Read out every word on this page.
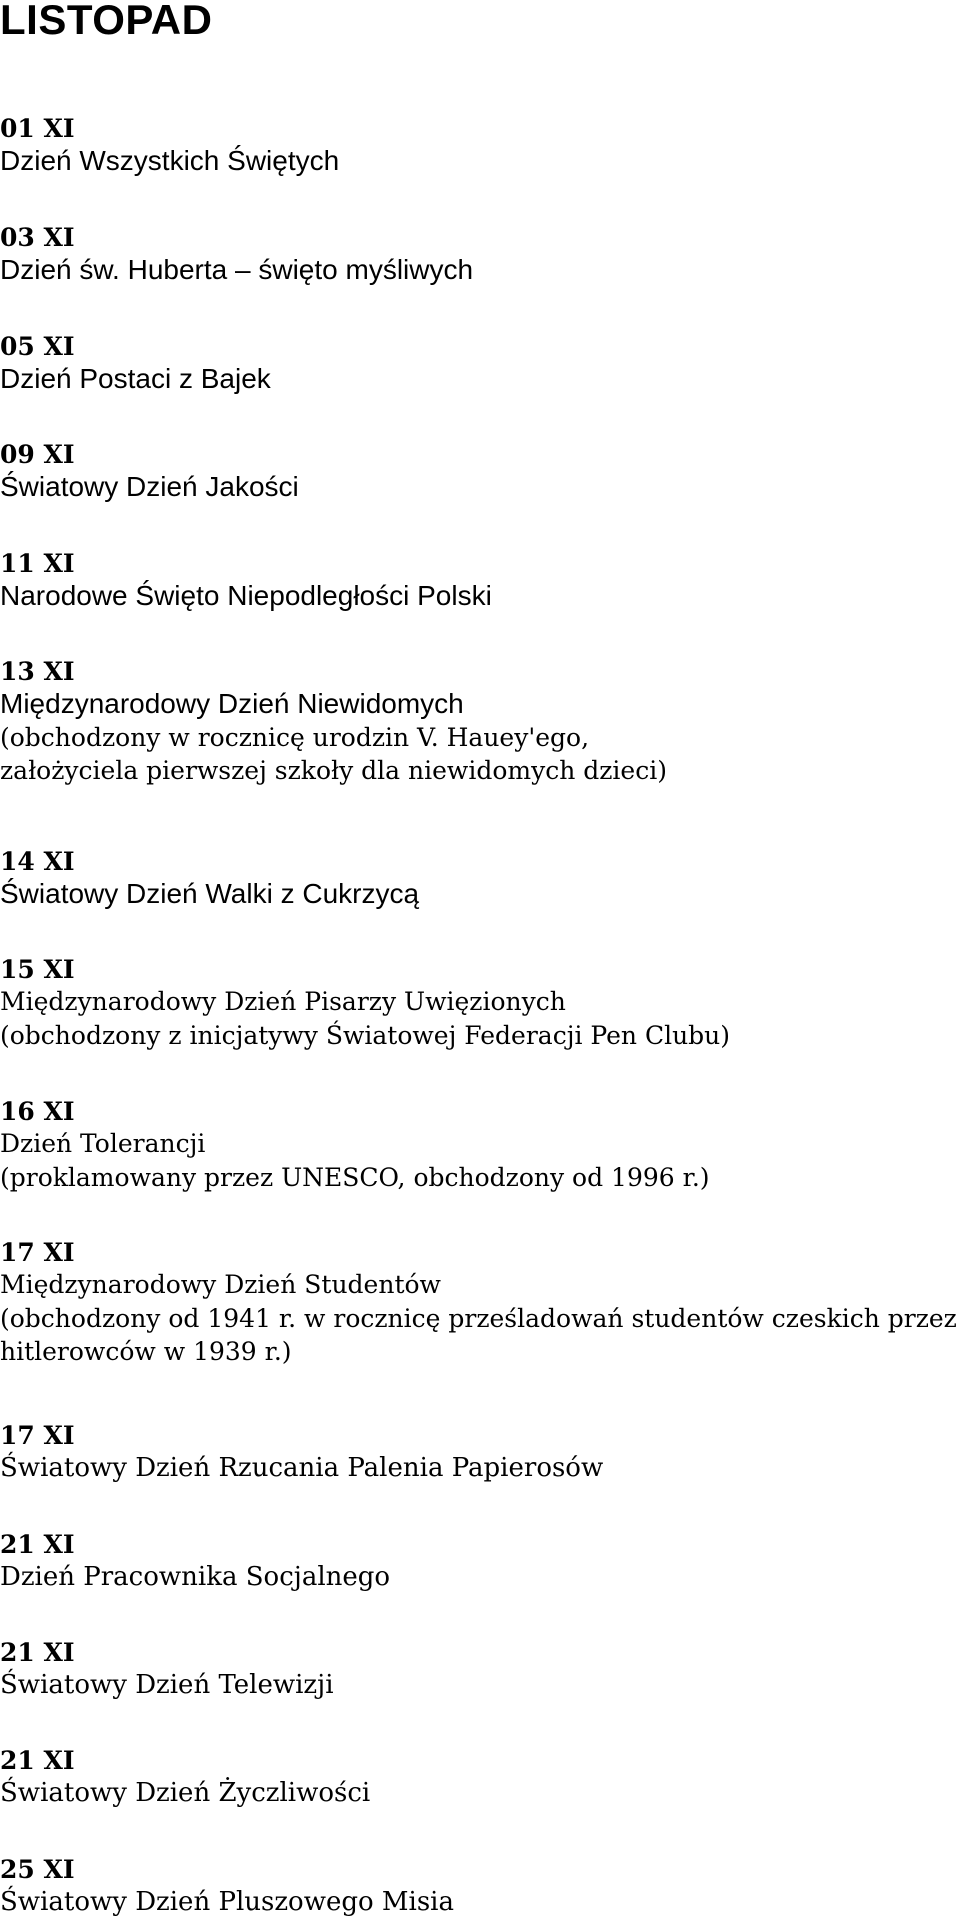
LISTOPAD
01 XI
Dzień Wszystkich Świętych
03 XI
Dzień św. Huberta – święto myśliwych
05 XI
Dzień Postaci z Bajek
09 XI
Światowy Dzień Jakości
11 XI
Narodowe Święto Niepodległości Polski
13 XI
Międzynarodowy Dzień Niewidomych
(obchodzony w rocznicę urodzin V. Hauey'ego, założyciela pierwszej szkoły dla niewidomych dzieci)
14 XI
Światowy Dzień Walki z Cukrzycą
15 XI
Międzynarodowy Dzień Pisarzy Uwięzionych
(obchodzony z inicjatywy Światowej Federacji Pen Clubu)
16 XI
Dzień Tolerancji
(proklamowany przez UNESCO, obchodzony od 1996 r.)
17 XI
Międzynarodowy Dzień Studentów
(obchodzony od 1941 r. w rocznicę prześladowań studentów czeskich przez hitlerowców w 1939 r.)
17 XI
Światowy Dzień Rzucania Palenia Papierosów
21 XI
Dzień Pracownika Socjalnego
21 XI
Światowy Dzień Telewizji
21 XI
Światowy Dzień Życzliwości
25 XI
Światowy Dzień Pluszowego Misia
